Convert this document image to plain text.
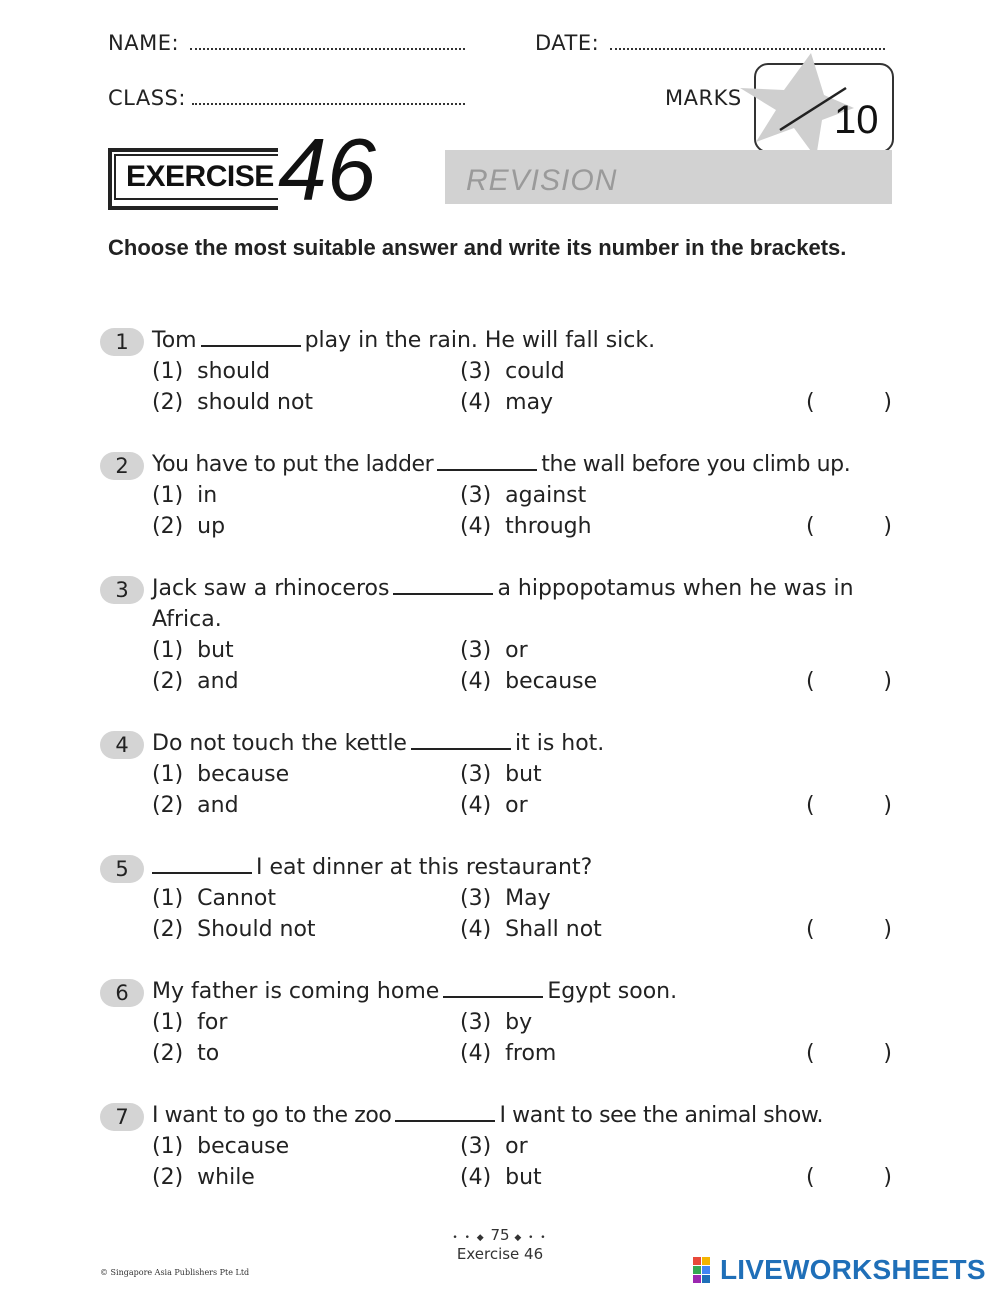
NAME:	DATE:
CLASS:	MARKS 10
EXERCISE 46	REVISION
Choose the most suitable answer and write its number in the brackets.
1	Tom	play in the rain. He will fall sick.
(1)  should
(2)  should not
(3)  could
(4)  may	(	)
2	You have to put the ladder	the wall before you climb up.
(1)  in
(2)  up
(3)  against
(4)  through	(	)
3	Jack saw a rhinoceros	a hippopotamus when he was in Africa.
(1)  but
(2)  and
(3)  or
(4)  because	(	)
4	Do not touch the kettle	it is hot.
(1)  because
(2)  and
(3)  but
(4)  or	(	)
5	I eat dinner at this restaurant?
(1)  Cannot
(2)  Should not
(3)  May
(4)  Shall not	(	)
6	My father is coming home	Egypt soon.
(1)  for
(2)  to
(3)  by
(4)  from	(	)
7	I want to go to the zoo	I want to see the animal show.
(1)  because
(2)  while
(3)  or
(4)  but	(	)
• • ◆ 75 ◆ • •
Exercise 46
© Singapore Asia Publishers Pte Ltd	LIVEWORKSHEETS
